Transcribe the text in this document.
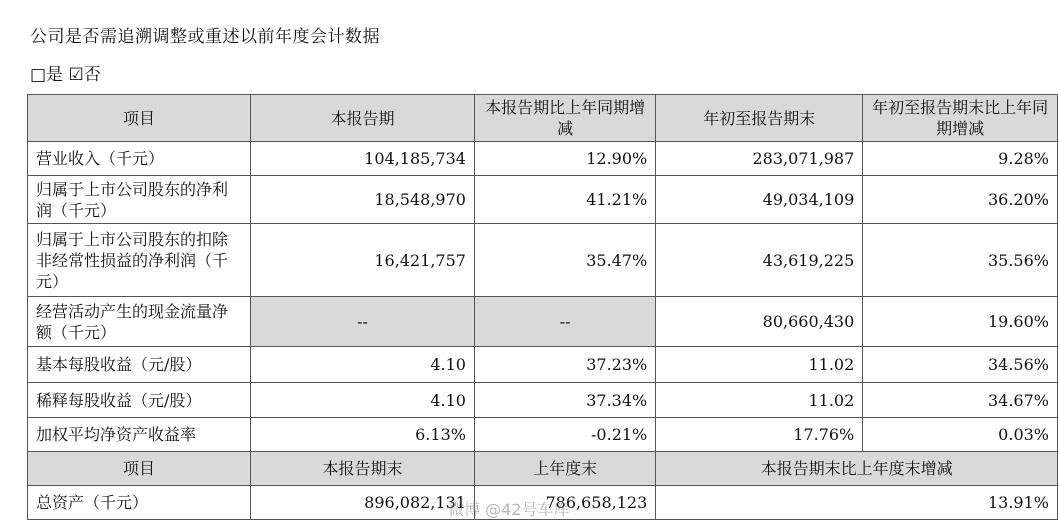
公司是否需追溯调整或重述以前年度会计数据
□是 ☑否
项目	本报告期	本报告期比上年同期增减	年初至报告期末	年初至报告期末比上年同期增减
营业收入（千元）	104,185,734	12.90%	283,071,987	9.28%
归属于上市公司股东的净利润（千元）	18,548,970	41.21%	49,034,109	36.20%
归属于上市公司股东的扣除非经常性损益的净利润（千元）	16,421,757	35.47%	43,619,225	35.56%
经营活动产生的现金流量净额（千元）	--	--	80,660,430	19.60%
基本每股收益（元/股）	4.10	37.23%	11.02	34.56%
稀释每股收益（元/股）	4.10	37.34%	11.02	34.67%
加权平均净资产收益率	6.13%	-0.21%	17.76%	0.03%
项目	本报告期末	上年度末	本报告期末比上年度末增减	
总资产（千元）	896,082,131	786,658,123	13.91%	
微博 @42号车库
